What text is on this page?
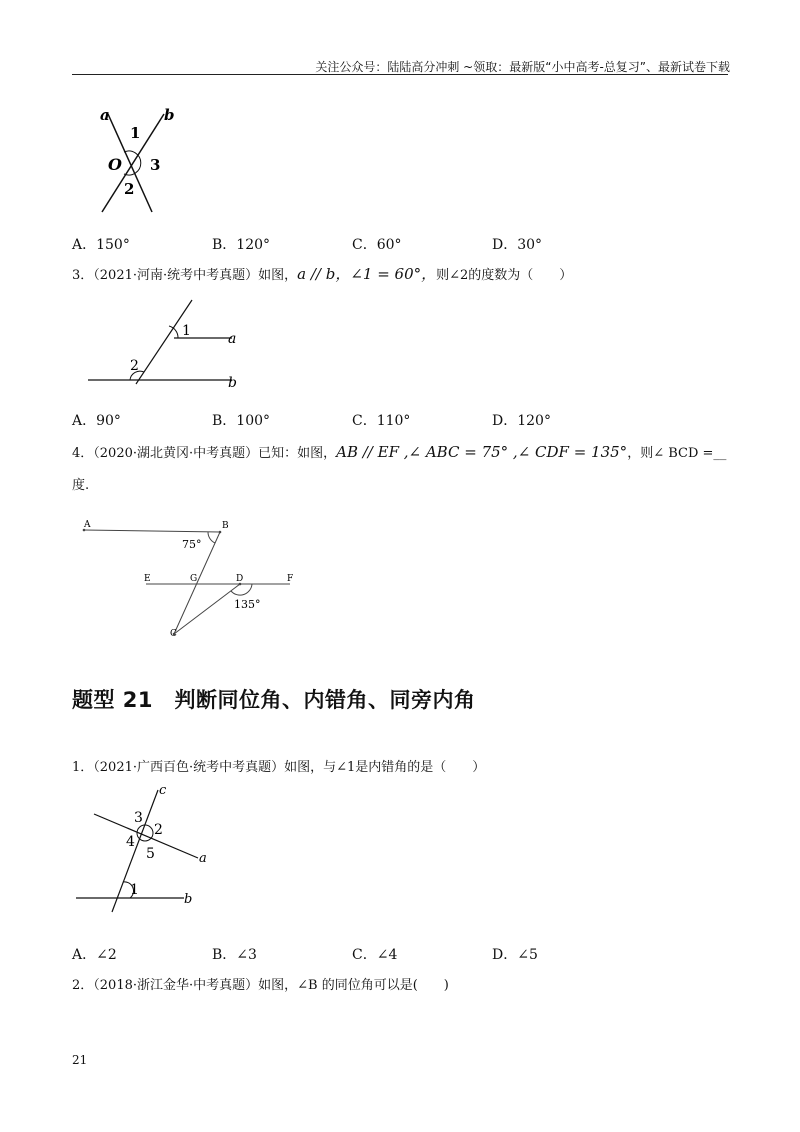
关注公众号：陆陆高分冲刺 ~领取：最新版“小中高考-总复习”、最新试卷下载
a	b
1
O 3
2
A．150°	B．120°	C．60°	D．30°
3．（2021·河南·统考中考真题）如图，a // b，∠1 = 60°，则∠2的度数为（　　）
1
2
a
b
A．90°	B．100°	C．110°	D．120°
4．（2020·湖北黄冈·中考真题）已知：如图，AB // EF ,∠ ABC = 75° ,∠ CDF = 135°，则∠ BCD =__
度.
A	B
75°
E	G	D	F
135°
C
题型 21　判断同位角、内错角、同旁内角
1．（2021·广西百色·统考中考真题）如图，与∠1是内错角的是（　　）
c
3
2
4
5	a
1
b
A．∠2	B．∠3	C．∠4	D．∠5
2．（2018·浙江金华·中考真题）如图，∠B 的同位角可以是(　　)
21
